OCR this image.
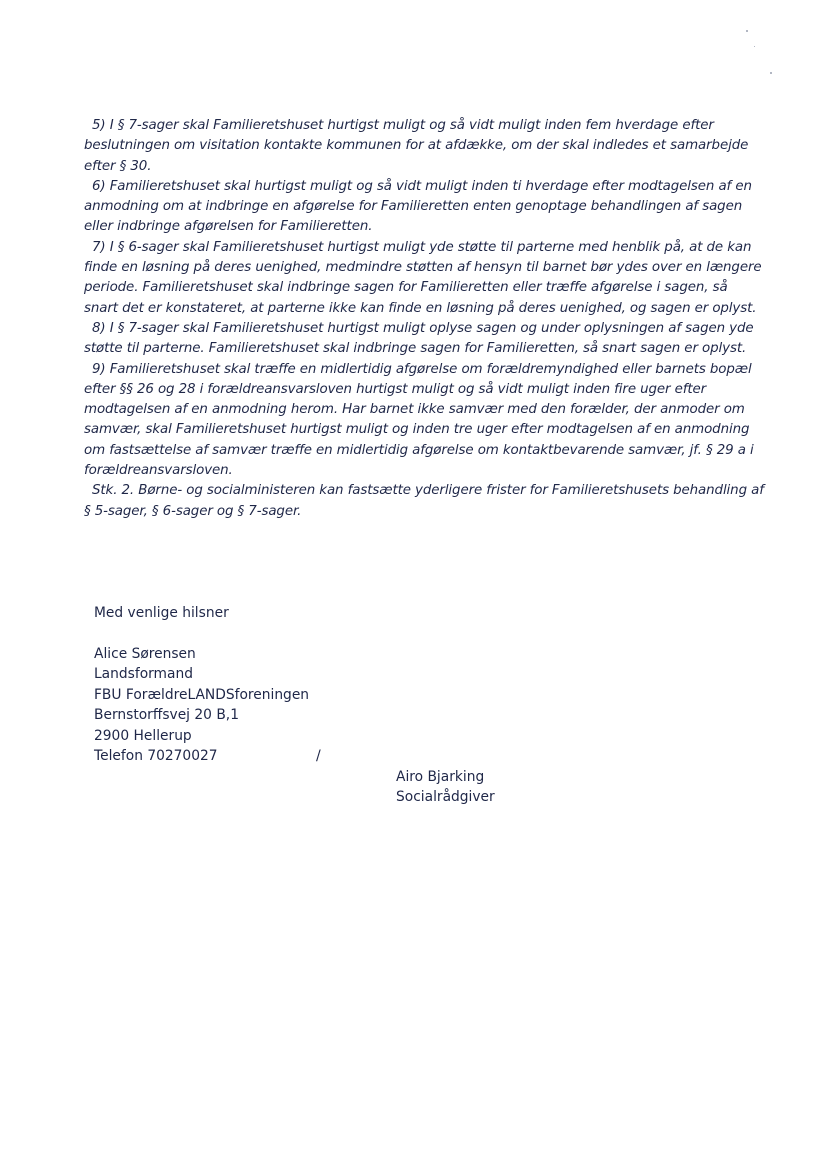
5) I § 7-sager skal Familieretshuset hurtigst muligt og så vidt muligt inden fem hverdage efter beslutningen om visitation kontakte kommunen for at afdække, om der skal indledes et samarbejde efter § 30.

6) Familieretshuset skal hurtigst muligt og så vidt muligt inden ti hverdage efter modtagelsen af en anmodning om at indbringe en afgørelse for Familieretten enten genoptage behandlingen af sagen eller indbringe afgørelsen for Familieretten.

7) I § 6-sager skal Familieretshuset hurtigst muligt yde støtte til parterne med henblik på, at de kan finde en løsning på deres uenighed, medmindre støtten af hensyn til barnet bør ydes over en længere periode. Familieretshuset skal indbringe sagen for Familieretten eller træffe afgørelse i sagen, så snart det er konstateret, at parterne ikke kan finde en løsning på deres uenighed, og sagen er oplyst.

8) I § 7-sager skal Familieretshuset hurtigst muligt oplyse sagen og under oplysningen af sagen yde støtte til parterne. Familieretshuset skal indbringe sagen for Familieretten, så snart sagen er oplyst.

9) Familieretshuset skal træffe en midlertidig afgørelse om forældremyndighed eller barnets bopæl efter §§ 26 og 28 i forældreansvarsloven hurtigst muligt og så vidt muligt inden fire uger efter modtagelsen af en anmodning herom. Har barnet ikke samvær med den forælder, der anmoder om samvær, skal Familieretshuset hurtigst muligt og inden tre uger efter modtagelsen af en anmodning om fastsættelse af samvær træffe en midlertidig afgørelse om kontaktbevarende samvær, jf. § 29 a i forældreansvarsloven.

Stk. 2. Børne- og socialministeren kan fastsætte yderligere frister for Familieretshusets behandling af § 5-sager, § 6-sager og § 7-sager.

Med venlige hilsner
Alice Sørensen
Landsformand
FBU ForældreLANDSforeningen
Bernstorffsvej 20 B,1
2900 Hellerup
Telefon 70270027	/
Airo Bjarking
Socialrådgiver
